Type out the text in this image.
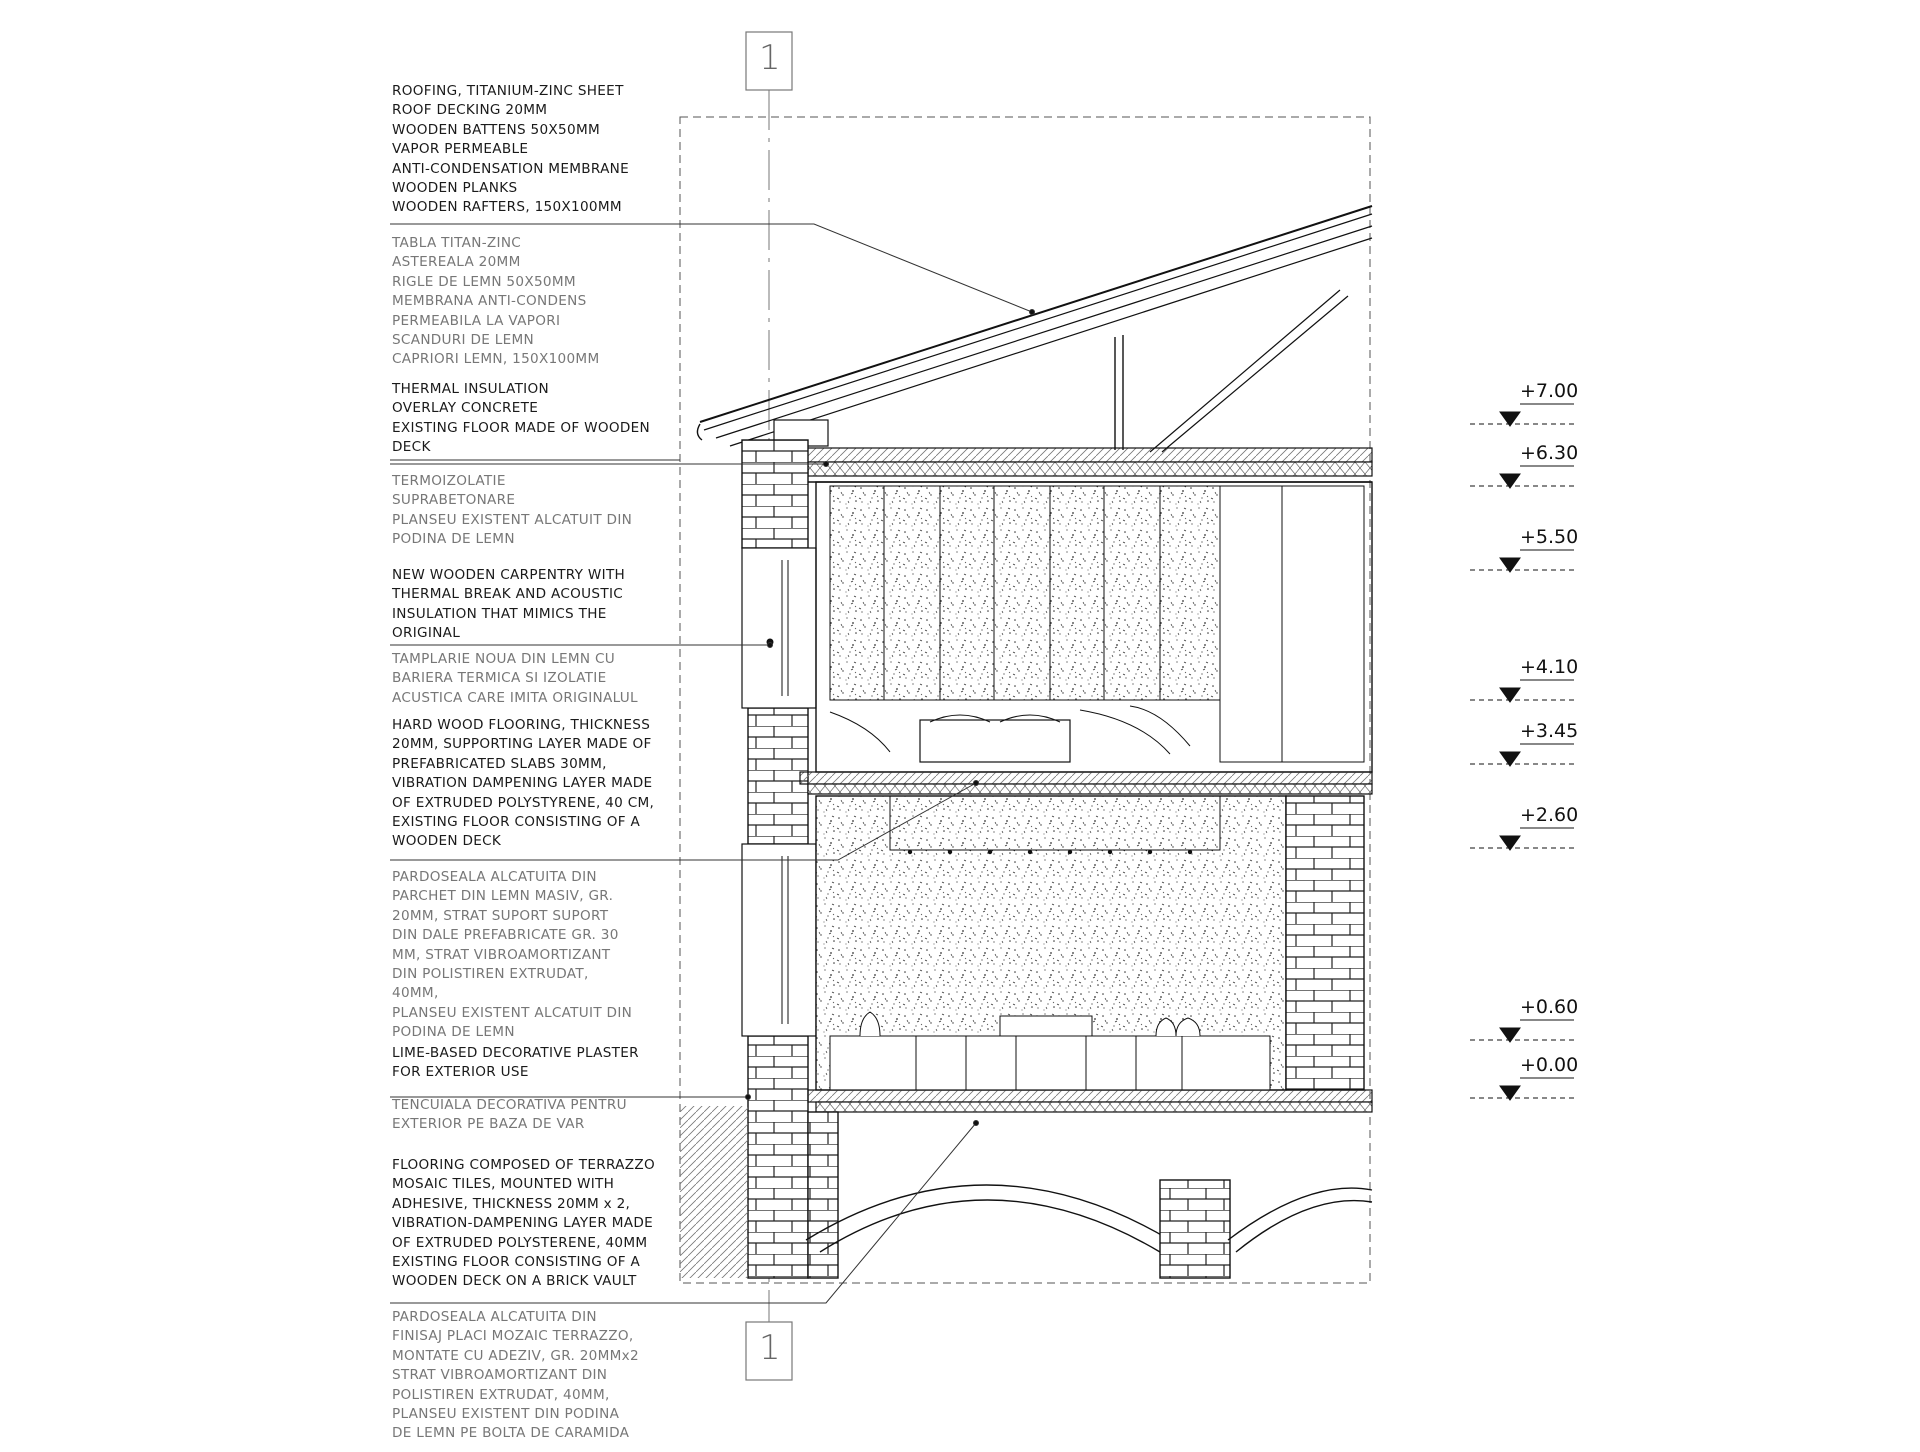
1
1
ROOFING, TITANIUM-ZINC SHEET
ROOF DECKING 20MM
WOODEN BATTENS 50X50MM
VAPOR PERMEABLE
ANTI-CONDENSATION MEMBRANE
WOODEN PLANKS
WOODEN RAFTERS, 150X100MM
TABLA TITAN-ZINC
ASTEREALA 20MM
RIGLE DE LEMN 50X50MM
MEMBRANA ANTI-CONDENS
PERMEABILA LA VAPORI
SCANDURI DE LEMN
CAPRIORI LEMN, 150X100MM
THERMAL INSULATION
OVERLAY CONCRETE
EXISTING FLOOR MADE OF WOODEN
DECK
TERMOIZOLATIE
SUPRABETONARE
PLANSEU EXISTENT ALCATUIT DIN
PODINA DE LEMN
NEW WOODEN CARPENTRY WITH
THERMAL BREAK AND ACOUSTIC
INSULATION THAT MIMICS THE
ORIGINAL
TAMPLARIE NOUA DIN LEMN CU
BARIERA TERMICA SI IZOLATIE
ACUSTICA CARE IMITA ORIGINALUL
HARD WOOD FLOORING, THICKNESS
20MM, SUPPORTING LAYER MADE OF
PREFABRICATED SLABS 30MM,
VIBRATION DAMPENING LAYER MADE
OF EXTRUDED POLYSTYRENE, 40 CM,
EXISTING FLOOR CONSISTING OF A
WOODEN DECK
PARDOSEALA ALCATUITA DIN
PARCHET DIN LEMN MASIV, GR.
20MM, STRAT SUPORT SUPORT
DIN DALE PREFABRICATE GR. 30
MM, STRAT VIBROAMORTIZANT
DIN POLISTIREN EXTRUDAT,
40MM,
PLANSEU EXISTENT ALCATUIT DIN
PODINA DE LEMN
LIME-BASED DECORATIVE PLASTER
FOR EXTERIOR USE
TENCUIALA DECORATIVA PENTRU
EXTERIOR PE BAZA DE VAR
FLOORING COMPOSED OF TERRAZZO
MOSAIC TILES, MOUNTED WITH
ADHESIVE, THICKNESS 20MM x 2,
VIBRATION-DAMPENING LAYER MADE
OF EXTRUDED POLYSTERENE, 40MM
EXISTING FLOOR CONSISTING OF A
WOODEN DECK ON A BRICK VAULT
PARDOSEALA ALCATUITA DIN
FINISAJ PLACI MOZAIC TERRAZZO,
MONTATE CU ADEZIV, GR. 20MMx2
STRAT VIBROAMORTIZANT DIN
POLISTIREN EXTRUDAT, 40MM,
PLANSEU EXISTENT DIN PODINA
DE LEMN PE BOLTA DE CARAMIDA
+7.00
+6.30
+5.50
+4.10
+3.45
+2.60
+0.60
+0.00
